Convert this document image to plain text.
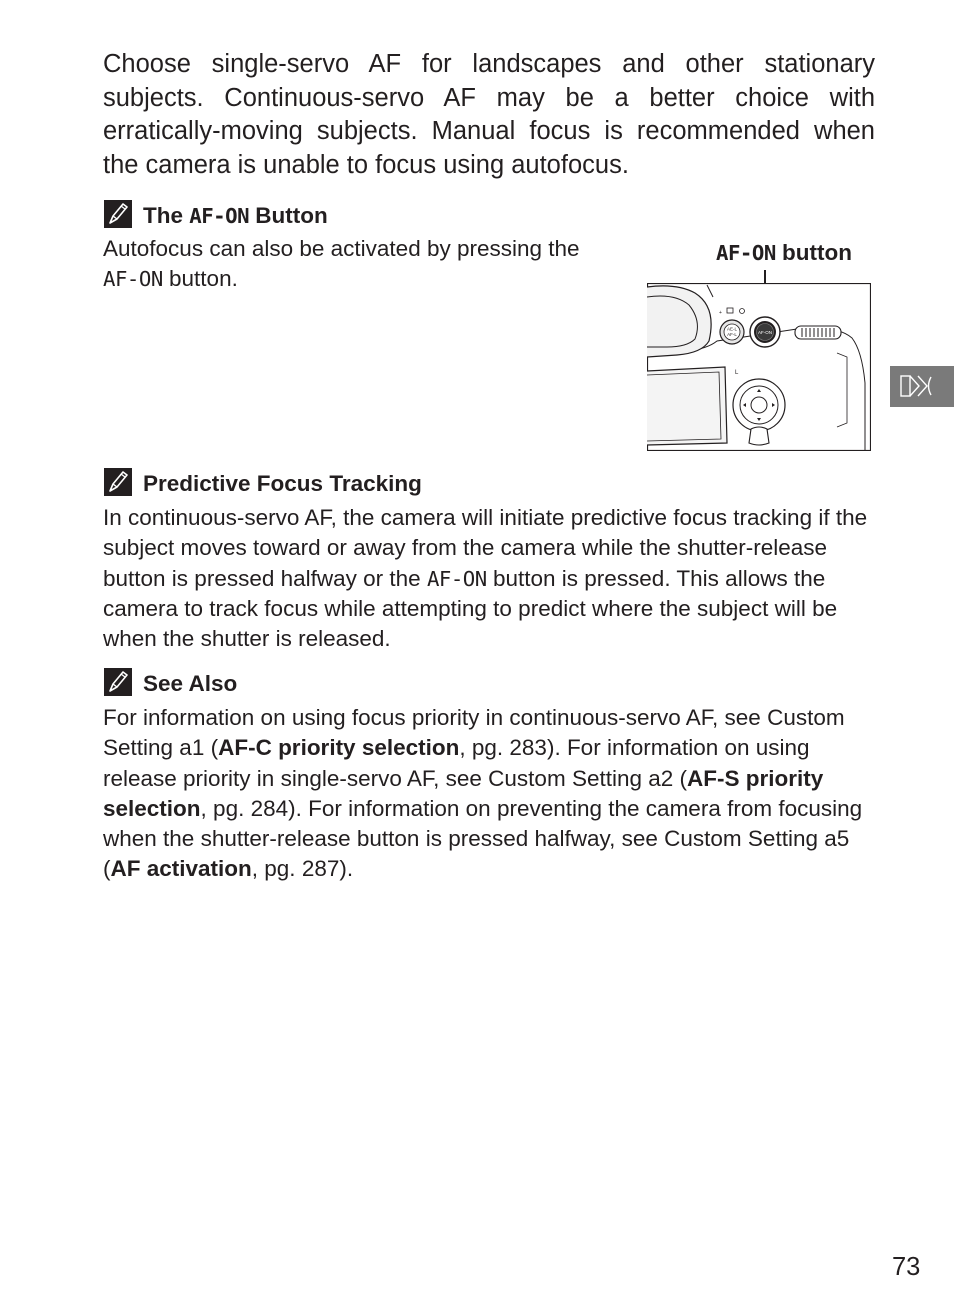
Choose single-servo AF for landscapes and other stationary subjects. Continuous-servo AF may be a better choice with erratically-moving subjects. Manual focus is recommended when the camera is unable to focus using autofocus.

The AF-ON Button

Autofocus can also be activated by pressing the
AF-ON button.

AF-ON button
+
AE-L
AF-L	AF-ON
L
Predictive Focus Tracking

In continuous-servo AF, the camera will initiate predictive focus tracking if the subject moves toward or away from the camera while the shutter-release button is pressed halfway or the AF-ON button is pressed. This allows the camera to track focus while attempting to predict where the subject will be when the shutter is released.

See Also

For information on using focus priority in continuous-servo AF, see Custom Setting a1 (AF-C priority selection, pg. 283). For information on using release priority in single-servo AF, see Custom Setting a2 (AF-S priority selection, pg. 284). For information on preventing the camera from focusing when the shutter-release button is pressed halfway, see Custom Setting a5 (AF activation, pg. 287).

73
